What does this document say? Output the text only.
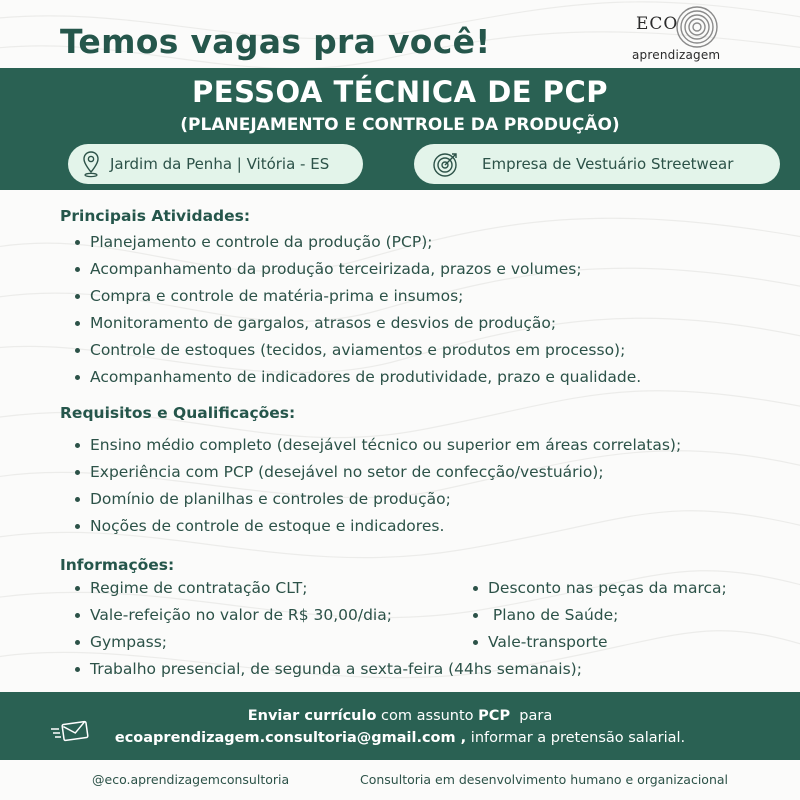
Temos vagas pra você!	ECO
aprendizagem
PESSOA TÉCNICA DE PCP
(PLANEJAMENTO E CONTROLE DA PRODUÇÃO)
Jardim da Penha | Vitória - ES	Empresa de Vestuário Streetwear
Principais Atividades:
Planejamento e controle da produção (PCP);
Acompanhamento da produção terceirizada, prazos e volumes;
Compra e controle de matéria-prima e insumos;
Monitoramento de gargalos, atrasos e desvios de produção;
Controle de estoques (tecidos, aviamentos e produtos em processo);
Acompanhamento de indicadores de produtividade, prazo e qualidade.
Requisitos e Qualificações:
Ensino médio completo (desejável técnico ou superior em áreas correlatas);
Experiência com PCP (desejável no setor de confecção/vestuário);
Domínio de planilhas e controles de produção;
Noções de controle de estoque e indicadores.
Informações:
Regime de contratação CLT;
Vale-refeição no valor de R$ 30,00/dia;
Gympass;
Trabalho presencial, de segunda a sexta-feira (44hs semanais);
Desconto nas peças da marca;
Plano de Saúde;
Vale-transporte
Enviar currículo com assunto PCP  para
ecoaprendizagem.consultoria@gmail.com , informar a pretensão salarial.
@eco.aprendizagemconsultoria	Consultoria em desenvolvimento humano e organizacional
